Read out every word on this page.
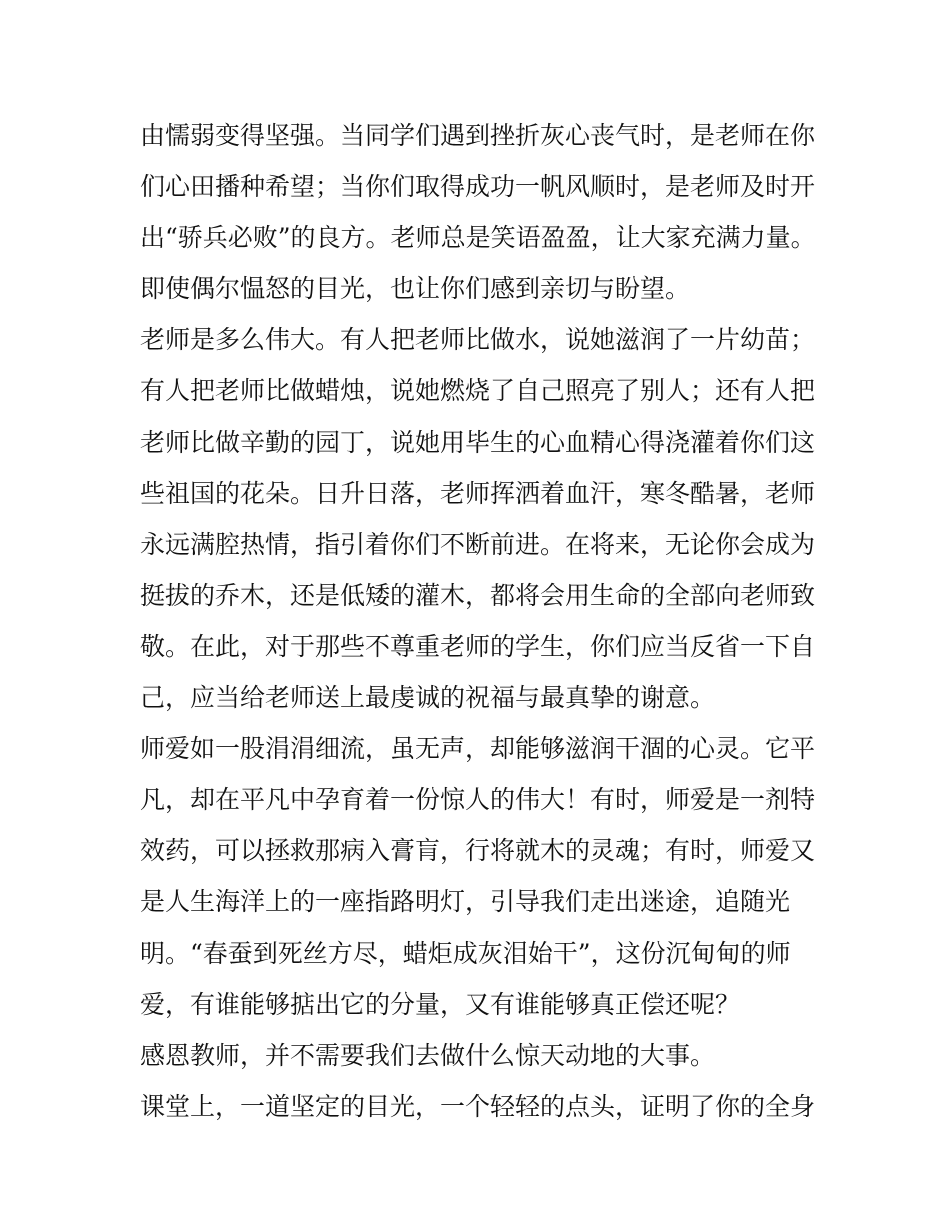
由懦弱变得坚强。当同学们遇到挫折灰心丧气时，是老师在你
们心田播种希望；当你们取得成功一帆风顺时，是老师及时开
出“骄兵必败”的良方。老师总是笑语盈盈，让大家充满力量。
即使偶尔愠怒的目光，也让你们感到亲切与盼望。
老师是多么伟大。有人把老师比做水，说她滋润了一片幼苗；
有人把老师比做蜡烛，说她燃烧了自己照亮了别人；还有人把
老师比做辛勤的园丁，说她用毕生的心血精心得浇灌着你们这
些祖国的花朵。日升日落，老师挥洒着血汗，寒冬酷暑，老师
永远满腔热情，指引着你们不断前进。在将来，无论你会成为
挺拔的乔木，还是低矮的灌木，都将会用生命的全部向老师致
敬。在此，对于那些不尊重老师的学生，你们应当反省一下自
己，应当给老师送上最虔诚的祝福与最真挚的谢意。
师爱如一股涓涓细流，虽无声，却能够滋润干涸的心灵。它平
凡，却在平凡中孕育着一份惊人的伟大！有时，师爱是一剂特
效药，可以拯救那病入膏肓，行将就木的灵魂；有时，师爱又
是人生海洋上的一座指路明灯，引导我们走出迷途，追随光
明。“春蚕到死丝方尽，蜡炬成灰泪始干”，这份沉甸甸的师
爱，有谁能够掂出它的分量，又有谁能够真正偿还呢？
感恩教师，并不需要我们去做什么惊天动地的大事。
课堂上，一道坚定的目光，一个轻轻的点头，证明了你的全身
